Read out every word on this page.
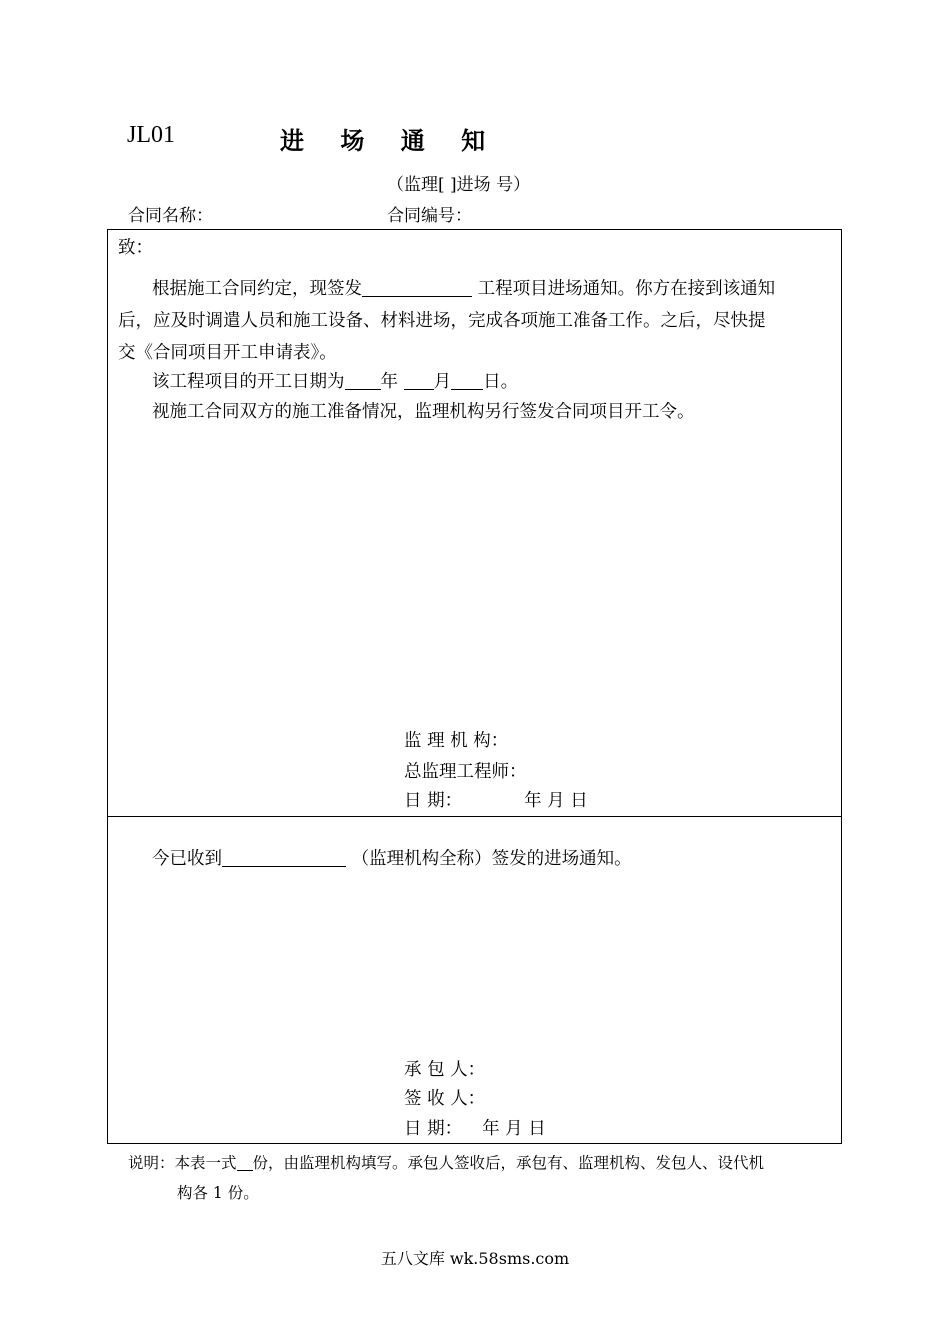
JL01	进 场 通 知
（监理[ ]进场 号）
合同名称：	合同编号：
致：
根据施工合同约定，现签发	工程项目进场通知。你方在接到该通知
后，应及时调遣人员和施工设备、材料进场，完成各项施工准备工作。之后，尽快提
交《合同项目开工申请表》。
该工程项目的开工日期为 年 月 日。
视施工合同双方的施工准备情况，监理机构另行签发合同项目开工令。
监 理 机 构：
总监理工程师：
日 期：	年 月 日
今已收到	（监理机构全称）签发的进场通知。
承 包 人：
签 收 人：
日 期： 年 月 日
说明：本表一式 份，由监理机构填写。承包人签收后，承包有、监理机构、发包人、设代机
构各 1 份。
五八文库 wk.58sms.com
